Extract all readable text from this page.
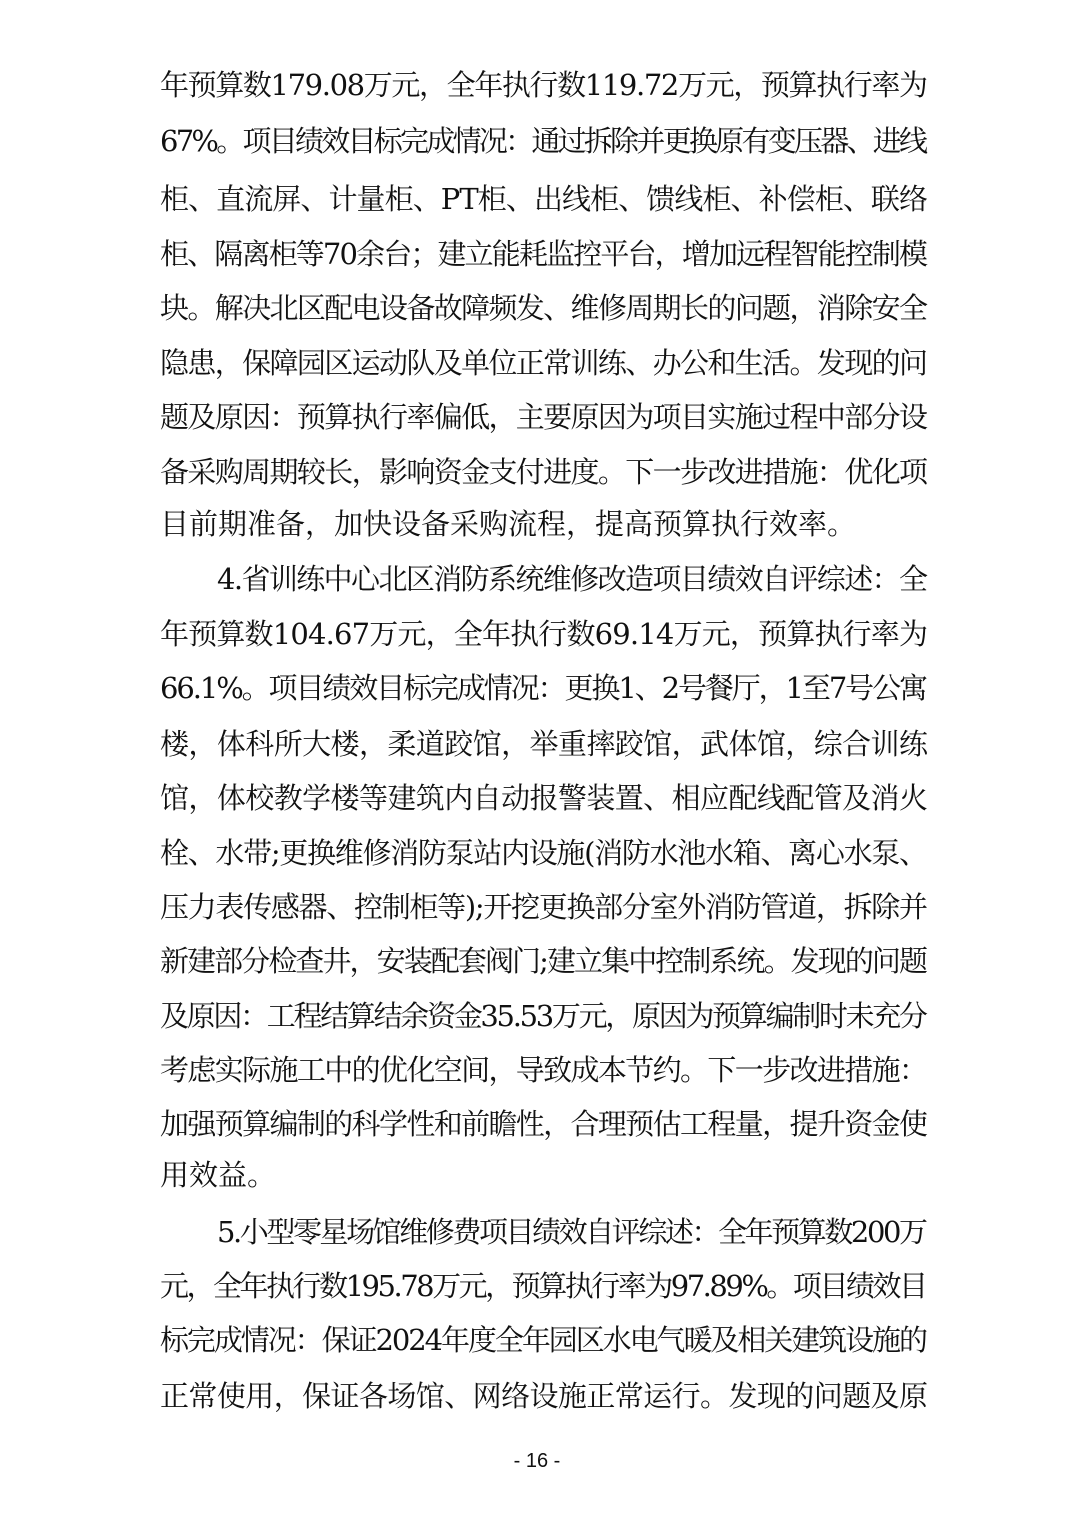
年预算数179.08万元，全年执行数119.72万元，预算执行率为
67%。项目绩效目标完成情况：通过拆除并更换原有变压器、进线
柜、直流屏、计量柜、PT柜、出线柜、馈线柜、补偿柜、联络
柜、隔离柜等70余台；建立能耗监控平台，增加远程智能控制模
块。解决北区配电设备故障频发、维修周期长的问题，消除安全
隐患，保障园区运动队及单位正常训练、办公和生活。发现的问
题及原因：预算执行率偏低，主要原因为项目实施过程中部分设
备采购周期较长，影响资金支付进度。下一步改进措施：优化项
目前期准备，加快设备采购流程，提高预算执行效率。
4.省训练中心北区消防系统维修改造项目绩效自评综述：全
年预算数104.67万元，全年执行数69.14万元，预算执行率为
66.1%。项目绩效目标完成情况：更换1、2号餐厅，1至7号公寓
楼，体科所大楼，柔道跤馆，举重摔跤馆，武体馆，综合训练
馆，体校教学楼等建筑内自动报警装置、相应配线配管及消火
栓、水带;更换维修消防泵站内设施(消防水池水箱、离心水泵、
压力表传感器、控制柜等);开挖更换部分室外消防管道，拆除并
新建部分检查井，安装配套阀门;建立集中控制系统。发现的问题
及原因：工程结算结余资金35.53万元，原因为预算编制时未充分
考虑实际施工中的优化空间，导致成本节约。下一步改进措施：
加强预算编制的科学性和前瞻性，合理预估工程量，提升资金使
用效益。
5.小型零星场馆维修费项目绩效自评综述：全年预算数200万
元，全年执行数195.78万元，预算执行率为97.89%。项目绩效目
标完成情况：保证2024年度全年园区水电气暖及相关建筑设施的
正常使用，保证各场馆、网络设施正常运行。发现的问题及原
- 16 -
